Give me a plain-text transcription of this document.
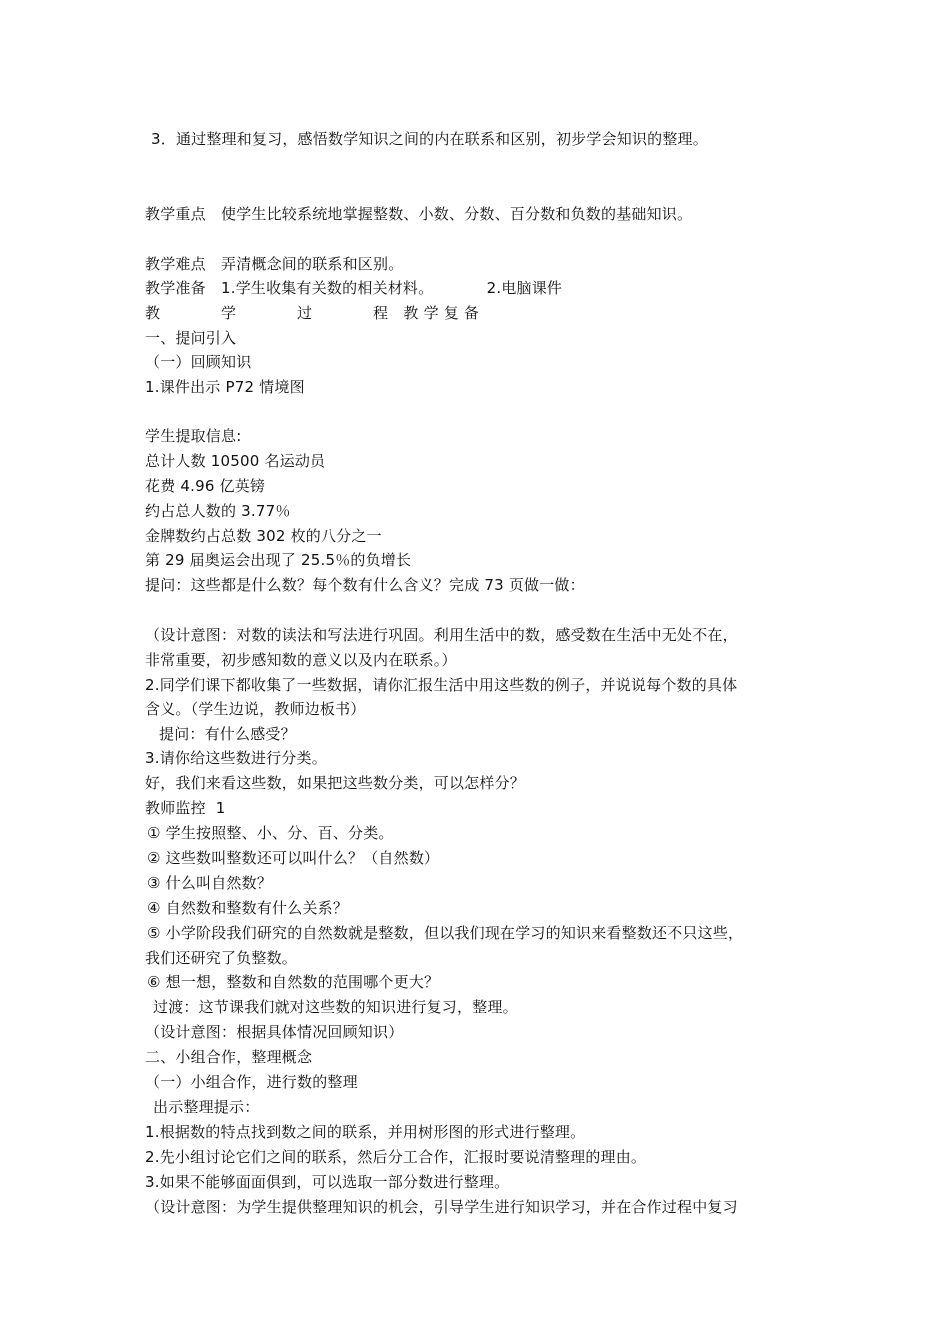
3．通过整理和复习，感悟数学知识之间的内在联系和区别，初步学会知识的整理。
教学重点　使学生比较系统地掌握整数、小数、分数、百分数和负数的基础知识。
教学难点　弄清概念间的联系和区别。
教学准备　1.学生收集有关数的相关材料。　　　　2.电脑课件
教　　　　学　　　　过　　　　程　教 学 复 备
一、提问引入
（一）回顾知识
1.课件出示 P72 情境图
学生提取信息:
总计人数 10500 名运动员
花费 4.96 亿英镑
约占总人数的 3.77％
金牌数约占总数 302 枚的八分之一
第 29 届奥运会出现了 25.5％的负增长
提问：这些都是什么数？每个数有什么含义？完成 73 页做一做：
（设计意图：对数的读法和写法进行巩固。利用生活中的数，感受数在生活中无处不在，
非常重要，初步感知数的意义以及内在联系。）
2.同学们课下都收集了一些数据，请你汇报生活中用这些数的例子，并说说每个数的具体
含义。（学生边说，教师边板书）
提问：有什么感受？
3.请你给这些数进行分类。
好，我们来看这些数，如果把这些数分类，可以怎样分？
教师监控  1
① 学生按照整、小、分、百、分类。
② 这些数叫整数还可以叫什么？（自然数）
③ 什么叫自然数？
④ 自然数和整数有什么关系？
⑤ 小学阶段我们研究的自然数就是整数，但以我们现在学习的知识来看整数还不只这些，
我们还研究了负整数。
⑥ 想一想，整数和自然数的范围哪个更大？
过渡：这节课我们就对这些数的知识进行复习，整理。
（设计意图：根据具体情况回顾知识）
二、小组合作，整理概念
（一）小组合作，进行数的整理
出示整理提示：
1.根据数的特点找到数之间的联系，并用树形图的形式进行整理。
2.先小组讨论它们之间的联系，然后分工合作，汇报时要说清整理的理由。
3.如果不能够面面俱到，可以选取一部分数进行整理。
（设计意图：为学生提供整理知识的机会，引导学生进行知识学习，并在合作过程中复习
